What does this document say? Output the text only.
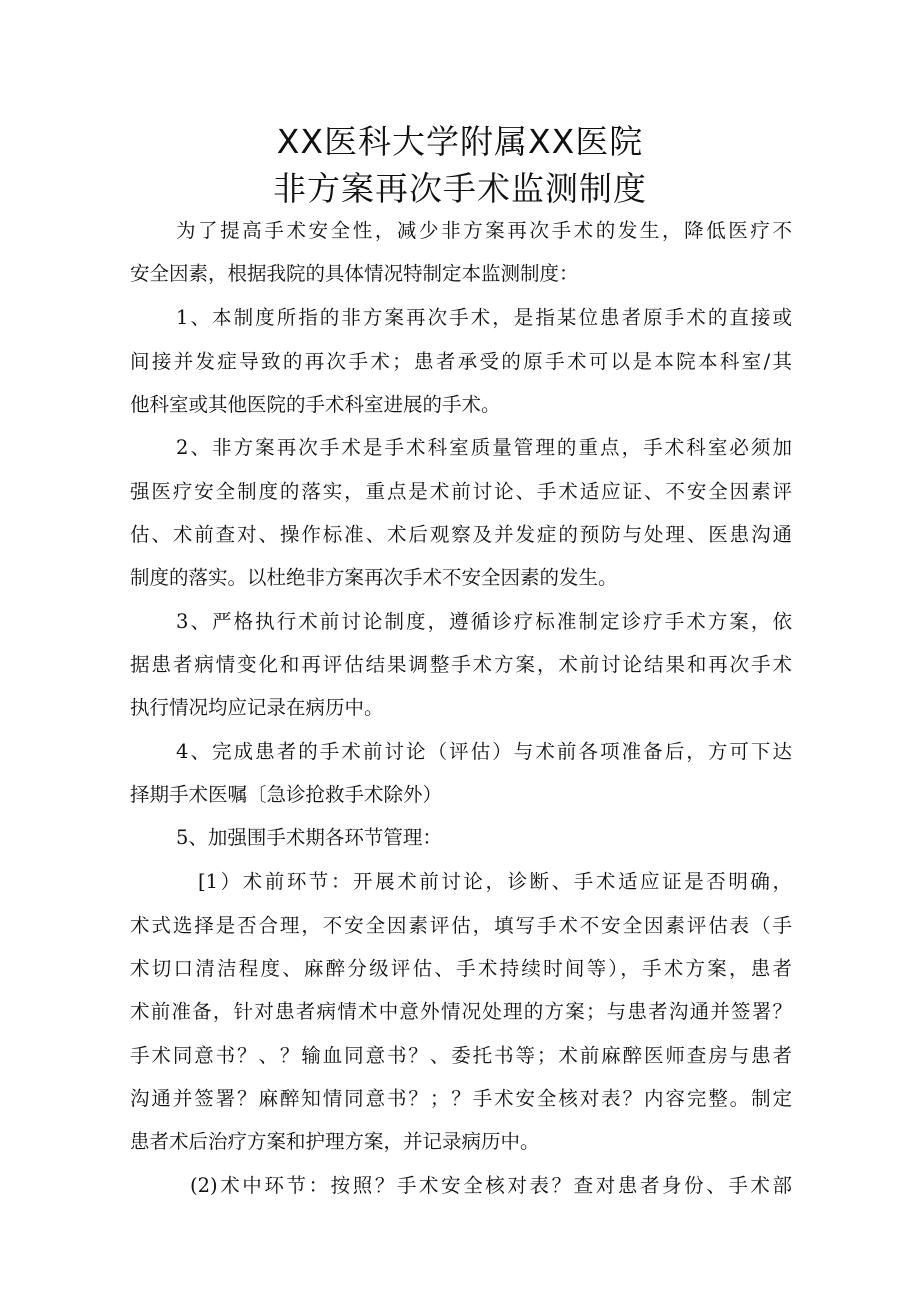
XX医科大学附属XX医院
非方案再次手术监测制度
为了提高手术安全性，减少非方案再次手术的发生，降低医疗不
安全因素，根据我院的具体情况特制定本监测制度：
1、本制度所指的非方案再次手术，是指某位患者原手术的直接或
间接并发症导致的再次手术；患者承受的原手术可以是本院本科室/其
他科室或其他医院的手术科室进展的手术。
2、非方案再次手术是手术科室质量管理的重点，手术科室必须加
强医疗安全制度的落实，重点是术前讨论、手术适应证、不安全因素评
估、术前查对、操作标准、术后观察及并发症的预防与处理、医患沟通
制度的落实。以杜绝非方案再次手术不安全因素的发生。
3、严格执行术前讨论制度，遵循诊疗标准制定诊疗手术方案，依
据患者病情变化和再评估结果调整手术方案，术前讨论结果和再次手术
执行情况均应记录在病历中。
4、完成患者的手术前讨论（评估）与术前各项准备后，方可下达
择期手术医嘱〔急诊抢救手术除外）
5、加强围手术期各环节管理：
[1）术前环节：开展术前讨论，诊断、手术适应证是否明确，
术式选择是否合理，不安全因素评估，填写手术不安全因素评估表（手
术切口清洁程度、麻醉分级评估、手术持续时间等），手术方案，患者
术前准备，针对患者病情术中意外情况处理的方案；与患者沟通并签署？
手术同意书？、？输血同意书？、委托书等；术前麻醉医师查房与患者
沟通并签署？麻醉知情同意书？；？手术安全核对表？内容完整。制定
患者术后治疗方案和护理方案，并记录病历中。
(2)术中环节：按照？手术安全核对表？查对患者身份、手术部
